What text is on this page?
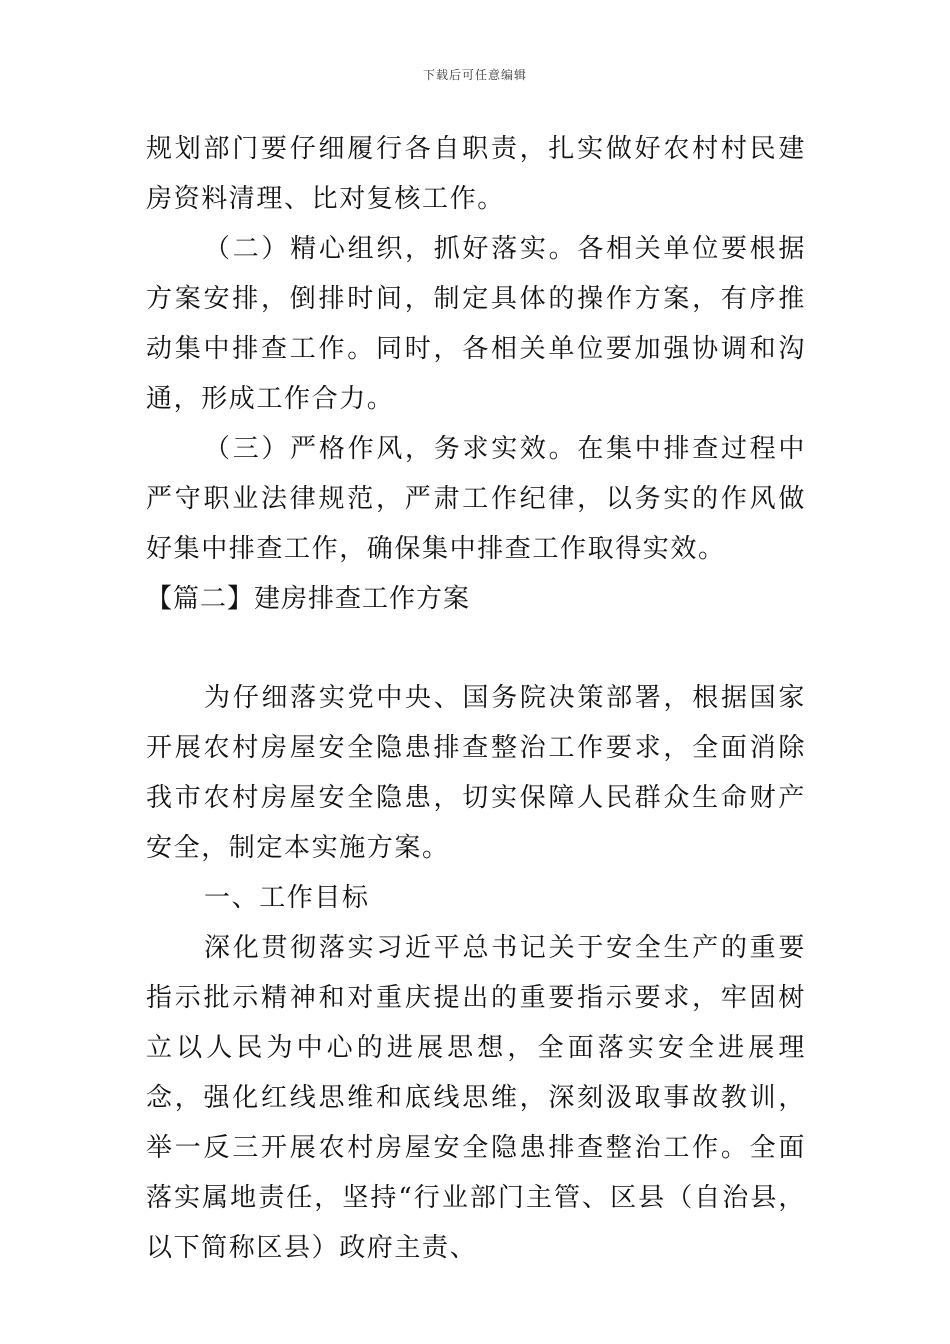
下载后可任意编辑

规划部门要仔细履行各自职责，扎实做好农村村民建房资料清理、比对复核工作。

（二）精心组织，抓好落实。各相关单位要根据方案安排，倒排时间，制定具体的操作方案，有序推动集中排查工作。同时，各相关单位要加强协调和沟通，形成工作合力。

（三）严格作风，务求实效。在集中排查过程中严守职业法律规范，严肃工作纪律，以务实的作风做好集中排查工作，确保集中排查工作取得实效。

【篇二】建房排查工作方案

为仔细落实党中央、国务院决策部署，根据国家开展农村房屋安全隐患排查整治工作要求，全面消除我市农村房屋安全隐患，切实保障人民群众生命财产安全，制定本实施方案。

一、工作目标

深化贯彻落实习近平总书记关于安全生产的重要指示批示精神和对重庆提出的重要指示要求，牢固树立以人民为中心的进展思想，全面落实安全进展理念，强化红线思维和底线思维，深刻汲取事故教训，举一反三开展农村房屋安全隐患排查整治工作。全面落实属地责任，坚持“行业部门主管、区县（自治县，以下简称区县）政府主责、
